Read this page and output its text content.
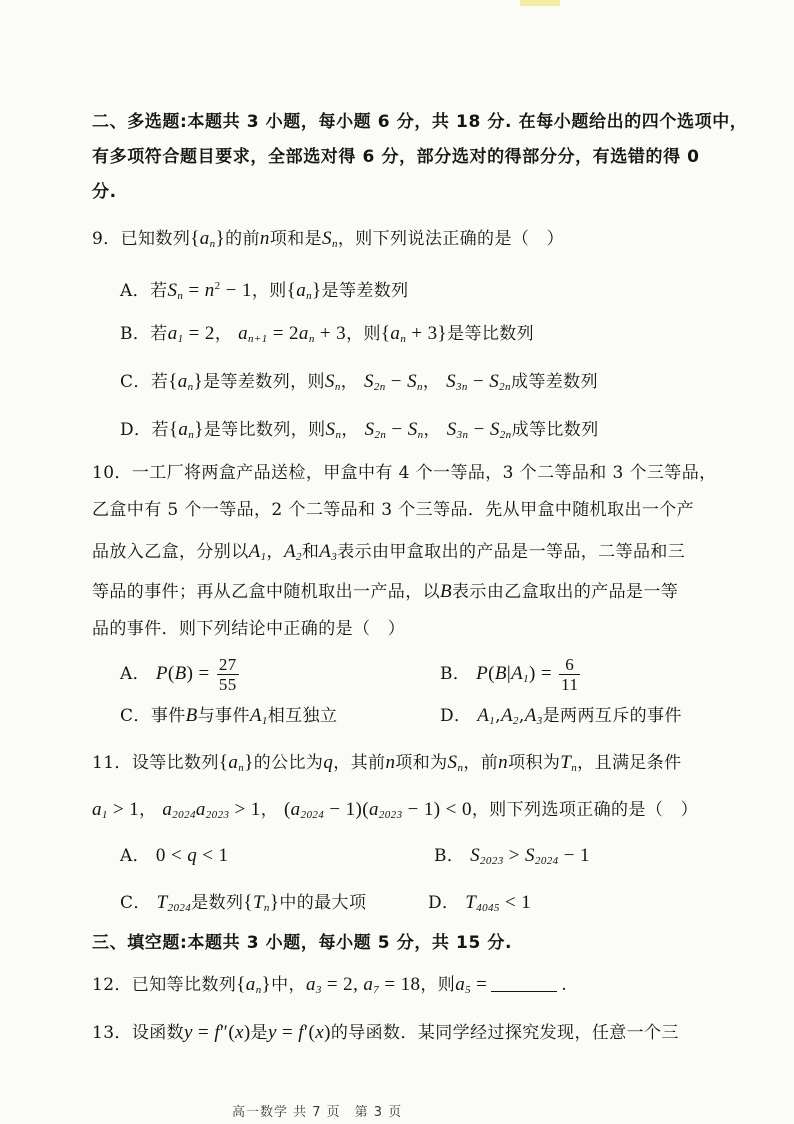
二、多选题:本题共 3 小题，每小题 6 分，共 18 分. 在每小题给出的四个选项中，
有多项符合题目要求，全部选对得 6 分，部分选对的得部分分，有选错的得 0
分.
9．已知数列$\{a_n\}$的前n项和是$S_n$，则下列说法正确的是（　）
A．若$S_n = n^2 - 1$，则$\{a_n\}$是等差数列
B．若$a_1 = 2$， $a_{n+1} = 2a_n + 3$，则$\{a_n + 3\}$是等比数列
C．若$\{a_n\}$是等差数列，则$S_n$， $S_{2n} - S_n$， $S_{3n} - S_{2n}$成等差数列
D．若$\{a_n\}$是等比数列，则$S_n$， $S_{2n} - S_n$， $S_{3n} - S_{2n}$成等比数列
10．一工厂将两盒产品送检，甲盒中有 4 个一等品，3 个二等品和 3 个三等品，
乙盒中有 5 个一等品，2 个二等品和 3 个三等品．先从甲盒中随机取出一个产
品放入乙盒，分别以$A_1$，$A_2$和$A_3$表示由甲盒取出的产品是一等品，二等品和三
等品的事件；再从乙盒中随机取出一产品，以B表示由乙盒取出的产品是一等
品的事件．则下列结论中正确的是（　）
A． $P(B) = \frac{27}{55}$	B． $P(B|A_1) = \frac{6}{11}$
C．事件B与事件$A_1$相互独立	D． $A_1,A_2,A_3$是两两互斥的事件
11．设等比数列$\{a_n\}$的公比为q，其前n项和为$S_n$，前n项积为$T_n$，且满足条件
$a_1 > 1$， $a_{2024}a_{2023} > 1$， $(a_{2024} - 1)(a_{2023} - 1) < 0$，则下列选项正确的是（　）
A． 0 < q < 1	B． $S_{2023} > S_{2024} - 1$
C． $T_{2024}$是数列$\{T_n\}$中的最大项	D． $T_{4045} < 1$
三、填空题:本题共 3 小题，每小题 5 分，共 15 分.
12．已知等比数列$\{a_n\}$中，$a_3 = 2$, $a_7 = 18$，则$a_5$ =	.
13．设函数y = f″(x)是y = f′(x)的导函数．某同学经过探究发现，任意一个三
高一数学 共 7 页　第 3 页
